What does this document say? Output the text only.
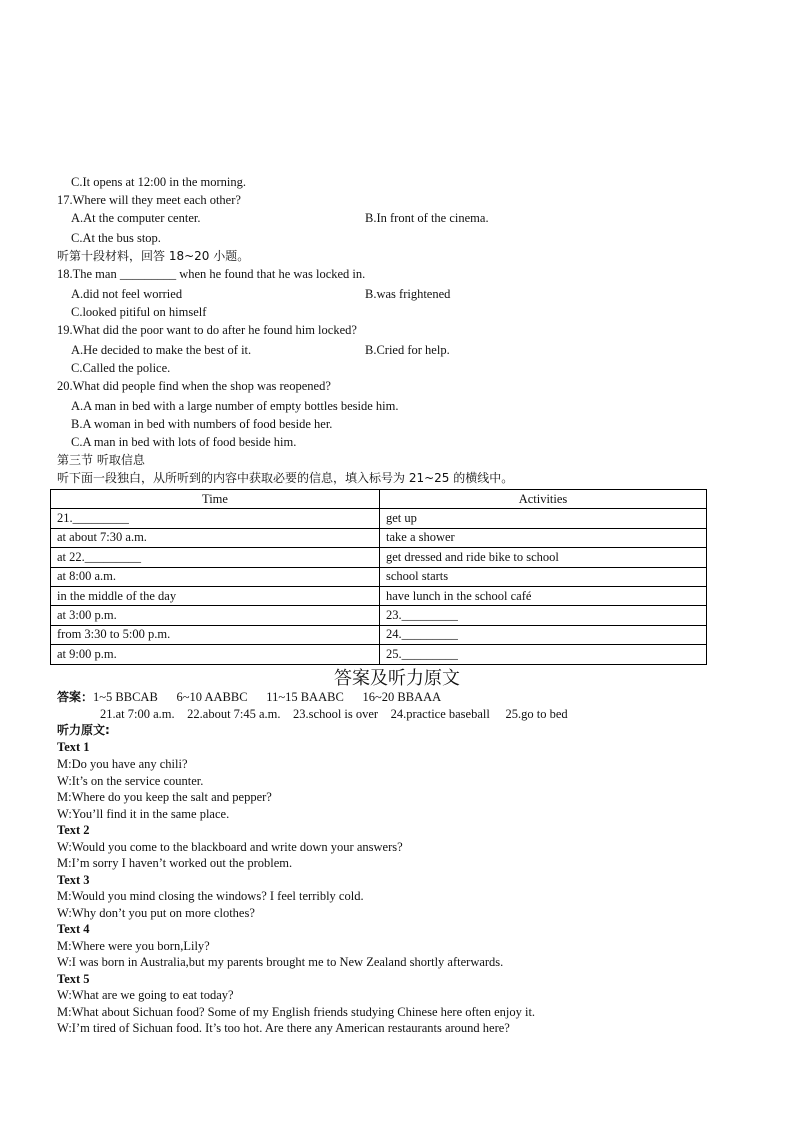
C.It opens at 12:00 in the morning.
17.Where will they meet each other?
A.At the computer center.	B.In front of the cinema.
C.At the bus stop.
听第十段材料，回答 18~20 小题。
18.The man _________ when he found that he was locked in.
A.did not feel worried	B.was frightened
C.looked pitiful on himself
19.What did the poor want to do after he found him locked?
A.He decided to make the best of it.	B.Cried for help.
C.Called the police.
20.What did people find when the shop was reopened?
A.A man in bed with a large number of empty bottles beside him.
B.A woman in bed with numbers of food beside her.
C.A man in bed with lots of food beside him.
第三节 听取信息
听下面一段独白，从所听到的内容中获取必要的信息，填入标号为 21~25 的横线中。
Time	Activities
21._________	get up
at about 7:30 a.m.	take a shower
at 22._________	get dressed and ride bike to school
at 8:00 a.m.	school starts
in the middle of the day	have lunch in the school café
at 3:00 p.m.	23._________
from 3:30 to 5:00 p.m.	24._________
at 9:00 p.m.	25._________
答案及听力原文
答案：1~5 BBCAB      6~10 AABBC      11~15 BAABC      16~20 BBAAA
21.at 7:00 a.m.    22.about 7:45 a.m.    23.school is over    24.practice baseball     25.go to bed
听力原文:
Text 1
M:Do you have any chili?
W:It’s on the service counter.
M:Where do you keep the salt and pepper?
W:You’ll find it in the same place.
Text 2
W:Would you come to the blackboard and write down your answers?
M:I’m sorry I haven’t worked out the problem.
Text 3
M:Would you mind closing the windows? I feel terribly cold.
W:Why don’t you put on more clothes?
Text 4
M:Where were you born,Lily?
W:I was born in Australia,but my parents brought me to New Zealand shortly afterwards.
Text 5
W:What are we going to eat today?
M:What about Sichuan food? Some of my English friends studying Chinese here often enjoy it.
W:I’m tired of Sichuan food. It’s too hot. Are there any American restaurants around here?
